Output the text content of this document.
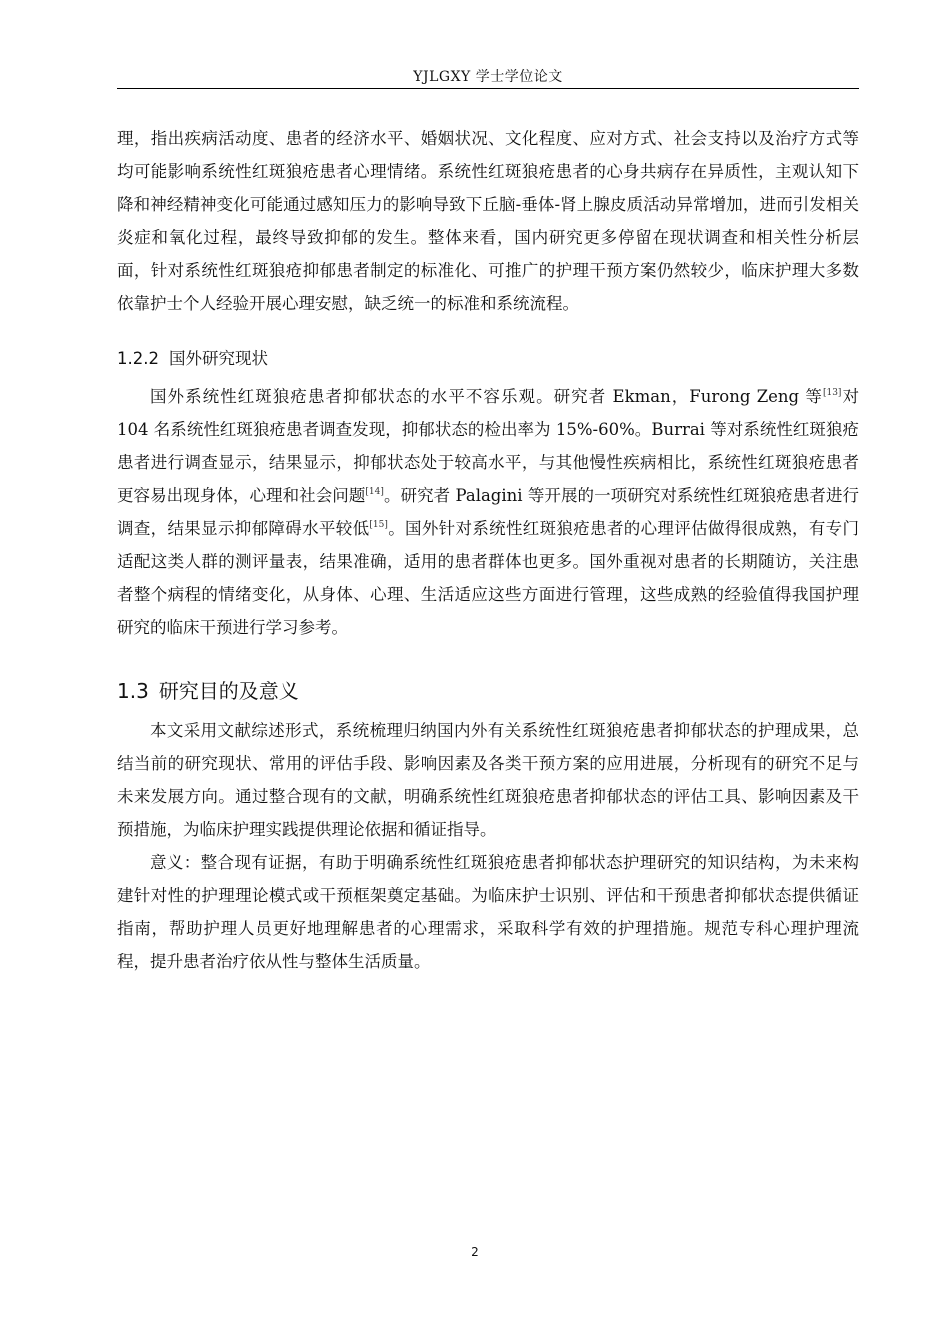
YJLGXY 学士学位论文

理，指出疾病活动度、患者的经济水平、婚姻状况、文化程度、应对方式、社会支持以及治疗方式等均可能影响系统性红斑狼疮患者心理情绪。系统性红斑狼疮患者的心身共病存在异质性，主观认知下降和神经精神变化可能通过感知压力的影响导致下丘脑-垂体-肾上腺皮质活动异常增加，进而引发相关炎症和氧化过程，最终导致抑郁的发生。整体来看，国内研究更多停留在现状调查和相关性分析层面，针对系统性红斑狼疮抑郁患者制定的标准化、可推广的护理干预方案仍然较少，临床护理大多数依靠护士个人经验开展心理安慰，缺乏统一的标准和系统流程。

1.2.2 国外研究现状

国外系统性红斑狼疮患者抑郁状态的水平不容乐观。研究者 Ekman，Furong Zeng 等[13]对 104 名系统性红斑狼疮患者调查发现，抑郁状态的检出率为 15%-60%。Burrai 等对系统性红斑狼疮患者进行调查显示，结果显示，抑郁状态处于较高水平，与其他慢性疾病相比，系统性红斑狼疮患者更容易出现身体，心理和社会问题[14]。研究者 Palagini 等开展的一项研究对系统性红斑狼疮患者进行调查，结果显示抑郁障碍水平较低[15]。国外针对系统性红斑狼疮患者的心理评估做得很成熟，有专门适配这类人群的测评量表，结果准确，适用的患者群体也更多。国外重视对患者的长期随访，关注患者整个病程的情绪变化，从身体、心理、生活适应这些方面进行管理，这些成熟的经验值得我国护理研究的临床干预进行学习参考。

1.3 研究目的及意义

本文采用文献综述形式，系统梳理归纳国内外有关系统性红斑狼疮患者抑郁状态的护理成果，总结当前的研究现状、常用的评估手段、影响因素及各类干预方案的应用进展，分析现有的研究不足与未来发展方向。通过整合现有的文献，明确系统性红斑狼疮患者抑郁状态的评估工具、影响因素及干预措施，为临床护理实践提供理论依据和循证指导。

意义：整合现有证据，有助于明确系统性红斑狼疮患者抑郁状态护理研究的知识结构，为未来构建针对性的护理理论模式或干预框架奠定基础。为临床护士识别、评估和干预患者抑郁状态提供循证指南，帮助护理人员更好地理解患者的心理需求，采取科学有效的护理措施。规范专科心理护理流程，提升患者治疗依从性与整体生活质量。

2
